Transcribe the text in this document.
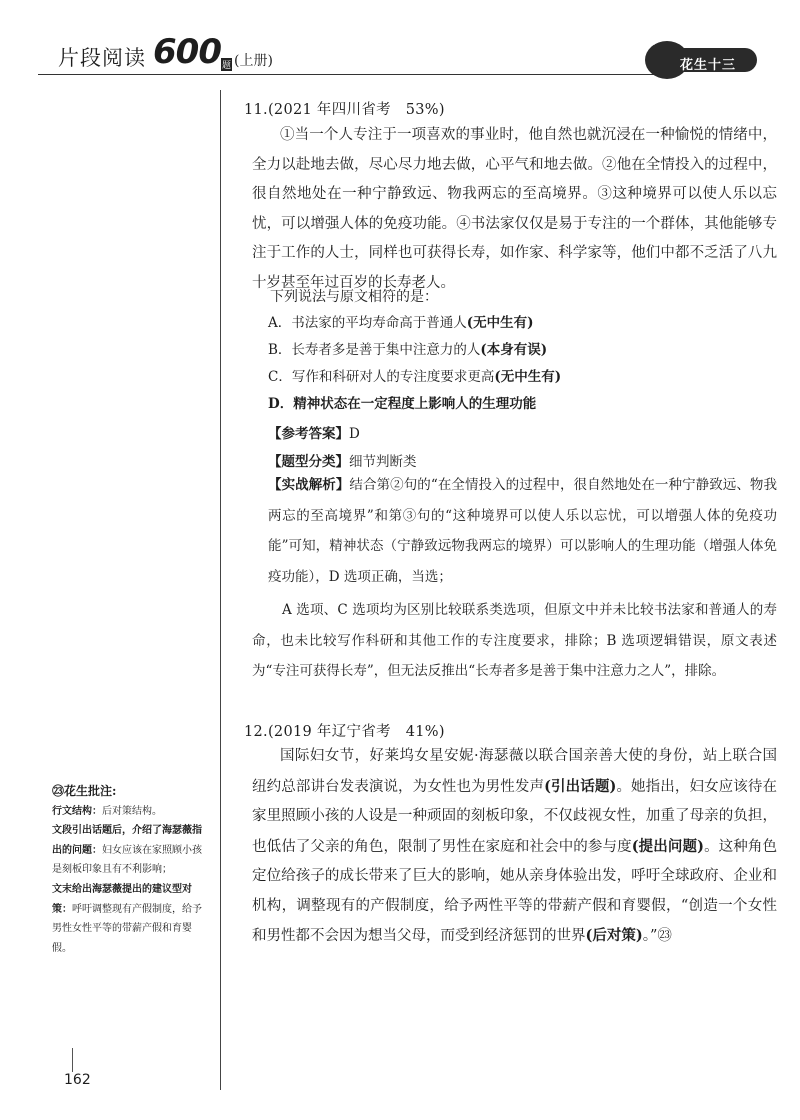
片段阅读 600 题 (上册)	花生十三
11.(2021 年四川省考　53%)

①当一个人专注于一项喜欢的事业时，他自然也就沉浸在一种愉悦的情绪中，全力以赴地去做，尽心尽力地去做，心平气和地去做。②他在全情投入的过程中，很自然地处在一种宁静致远、物我两忘的至高境界。③这种境界可以使人乐以忘忧，可以增强人体的免疫功能。④书法家仅仅是易于专注的一个群体，其他能够专注于工作的人士，同样也可获得长寿，如作家、科学家等，他们中都不乏活了八九十岁甚至年过百岁的长寿老人。

下列说法与原文相符的是：
A．书法家的平均寿命高于普通人(无中生有)
B．长寿者多是善于集中注意力的人(本身有误)
C．写作和科研对人的专注度要求更高(无中生有)
D．精神状态在一定程度上影响人的生理功能
【参考答案】D
【题型分类】细节判断类

【实战解析】结合第②句的“在全情投入的过程中，很自然地处在一种宁静致远、物我两忘的至高境界”和第③句的“这种境界可以使人乐以忘忧，可以增强人体的免疫功能”可知，精神状态（宁静致远物我两忘的境界）可以影响人的生理功能（增强人体免疫功能），D 选项正确，当选；

A 选项、C 选项均为区别比较联系类选项，但原文中并未比较书法家和普通人的寿命，也未比较写作科研和其他工作的专注度要求，排除；B 选项逻辑错误，原文表述为“专注可获得长寿”，但无法反推出“长寿者多是善于集中注意力之人”，排除。

12.(2019 年辽宁省考　41%)

国际妇女节，好莱坞女星安妮·海瑟薇以联合国亲善大使的身份，站上联合国纽约总部讲台发表演说，为女性也为男性发声(引出话题)。她指出，妇女应该待在家里照顾小孩的人设是一种顽固的刻板印象，不仅歧视女性，加重了母亲的负担，也低估了父亲的角色，限制了男性在家庭和社会中的参与度(提出问题)。这种角色定位给孩子的成长带来了巨大的影响，她从亲身体验出发，呼吁全球政府、企业和机构，调整现有的产假制度，给予两性平等的带薪产假和育婴假，“创造一个女性和男性都不会因为想当父母，而受到经济惩罚的世界(后对策)。”㉓

㉓花生批注:
行文结构：后对策结构。
文段引出话题后，介绍了海瑟薇指出的问题：妇女应该在家照顾小孩是刻板印象且有不利影响；
文末给出海瑟薇提出的建议型对策：呼吁调整现有产假制度，给予男性女性平等的带薪产假和育婴假。
162
